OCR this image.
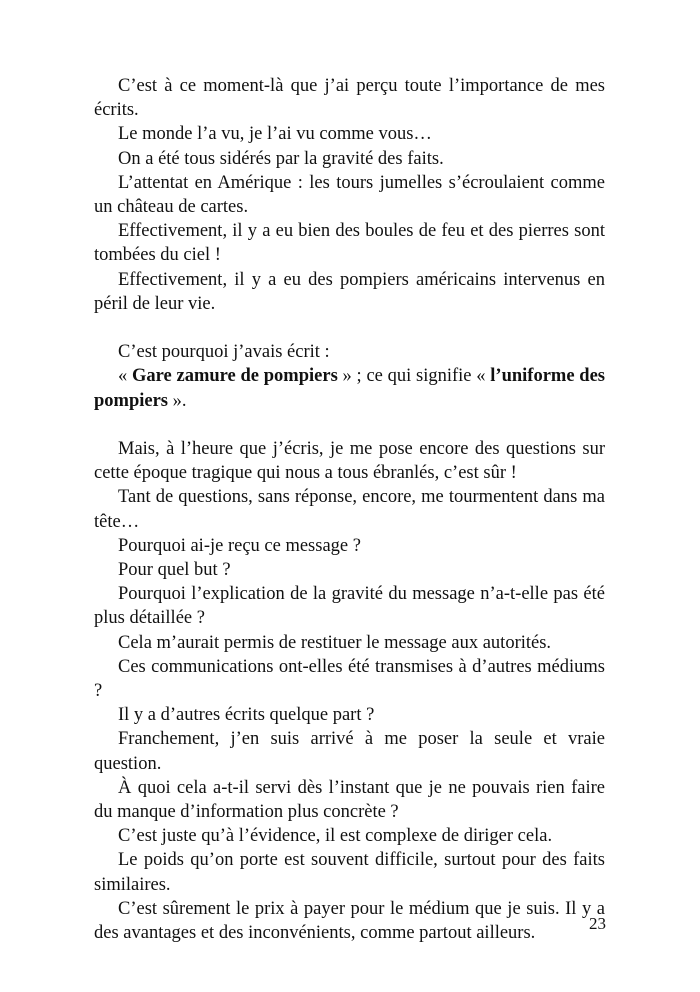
C’est à ce moment-là que j’ai perçu toute l’importance de mes écrits.

Le monde l’a vu, je l’ai vu comme vous…

On a été tous sidérés par la gravité des faits.

L’attentat en Amérique : les tours jumelles s’écroulaient comme un château de cartes.

Effectivement, il y a eu bien des boules de feu et des pierres sont tombées du ciel !

Effectivement, il y a eu des pompiers américains intervenus en péril de leur vie.

C’est pourquoi j’avais écrit :

« Gare zamure de pompiers » ; ce qui signifie « l’uniforme des pompiers ».

Mais, à l’heure que j’écris, je me pose encore des questions sur cette époque tragique qui nous a tous ébranlés, c’est sûr !

Tant de questions, sans réponse, encore, me tourmentent dans ma tête…

Pourquoi ai-je reçu ce message ?

Pour quel but ?

Pourquoi l’explication de la gravité du message n’a-t-elle pas été plus détaillée ?

Cela m’aurait permis de restituer le message aux autorités.

Ces communications ont-elles été transmises à d’autres médiums ?

Il y a d’autres écrits quelque part ?

Franchement, j’en suis arrivé à me poser la seule et vraie question.

À quoi cela a-t-il servi dès l’instant que je ne pouvais rien faire du manque d’information plus concrète ?

C’est juste qu’à l’évidence, il est complexe de diriger cela.

Le poids qu’on porte est souvent difficile, surtout pour des faits similaires.

C’est sûrement le prix à payer pour le médium que je suis. Il y a des avantages et des inconvénients, comme partout ailleurs.	23
